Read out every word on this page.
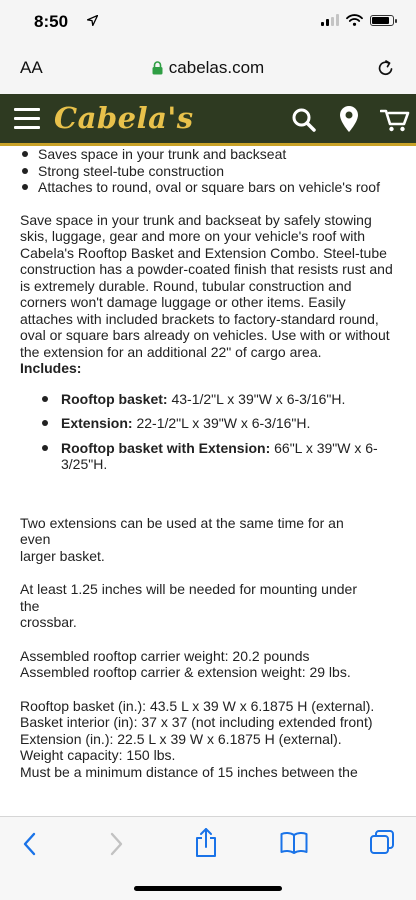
8:50
AA	cabelas.com
Cabela's
Saves space in your trunk and backseat
Strong steel-tube construction
Attaches to round, oval or square bars on vehicle's roof

Save space in your trunk and backseat by safely stowing skis, luggage, gear and more on your vehicle's roof with Cabela's Rooftop Basket and Extension Combo. Steel-tube construction has a powder-coated finish that resists rust and is extremely durable. Round, tubular construction and corners won't damage luggage or other items. Easily attaches with included brackets to factory-standard round, oval or square bars already on vehicles. Use with or without the extension for an additional 22" of cargo area.

Includes:
Rooftop basket: 43-1/2"L x 39"W x 6-3/16"H.
Extension: 22-1/2"L x 39"W x 6-3/16"H.
Rooftop basket with Extension: 66"L x 39"W x 6-3/25"H.
Two extensions can be used at the same time for an
even
larger basket.
At least 1.25 inches will be needed for mounting under
the
crossbar.
Assembled rooftop carrier weight: 20.2 pounds
Assembled rooftop carrier & extension weight: 29 lbs.
Rooftop basket (in.): 43.5 L x 39 W x 6.1875 H (external).
Basket interior (in): 37 x 37 (not including extended front)
Extension (in.): 22.5 L x 39 W x 6.1875 H (external).
Weight capacity: 150 lbs.
Must be a minimum distance of 15 inches between the
